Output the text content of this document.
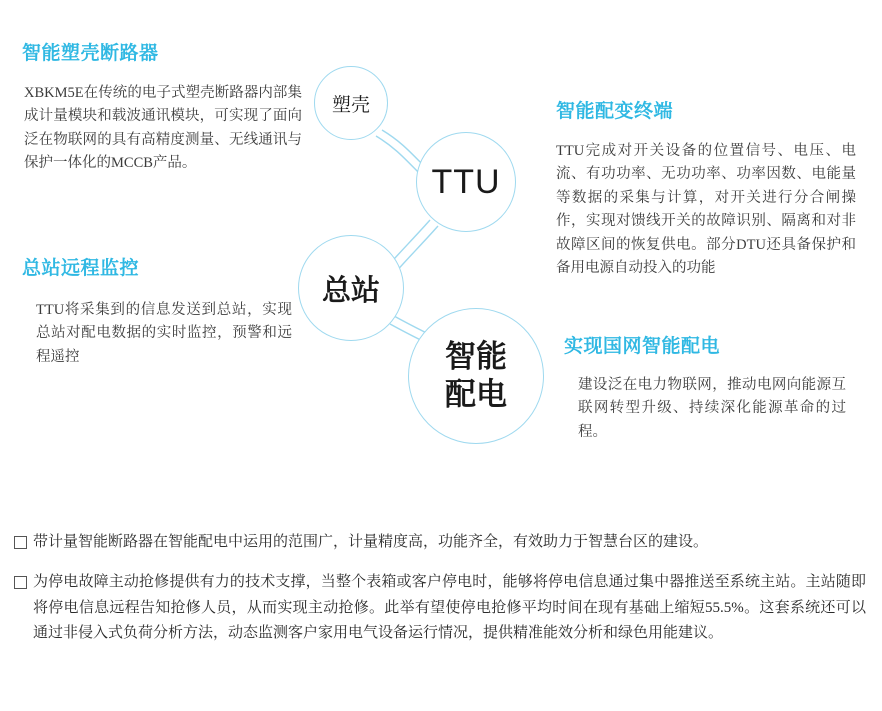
智能塑壳断路器
XBKM5E在传统的电子式塑壳断路器内部集成计量模块和载波通讯模块，可实现了面向泛在物联网的具有高精度测量、无线通讯与保护一体化的MCCB产品。
总站远程监控
TTU将采集到的信息发送到总站，实现总站对配电数据的实时监控，预警和远程遥控
智能配变终端
TTU完成对开关设备的位置信号、电压、电流、有功功率、无功功率、功率因数、电能量等数据的采集与计算，对开关进行分合闸操作，实现对馈线开关的故障识别、隔离和对非故障区间的恢复供电。部分DTU还具备保护和备用电源自动投入的功能
实现国网智能配电
建设泛在电力物联网，推动电网向能源互联网转型升级、持续深化能源革命的过程。
塑壳
TTU
总站
智能
配电
带计量智能断路器在智能配电中运用的范围广，计量精度高，功能齐全，有效助力于智慧台区的建设。
为停电故障主动抢修提供有力的技术支撑，当整个表箱或客户停电时，能够将停电信息通过集中器推送至系统主站。主站随即将停电信息远程告知抢修人员，从而实现主动抢修。此举有望使停电抢修平均时间在现有基础上缩短55.5%。这套系统还可以通过非侵入式负荷分析方法，动态监测客户家用电气设备运行情况，提供精准能效分析和绿色用能建议。
